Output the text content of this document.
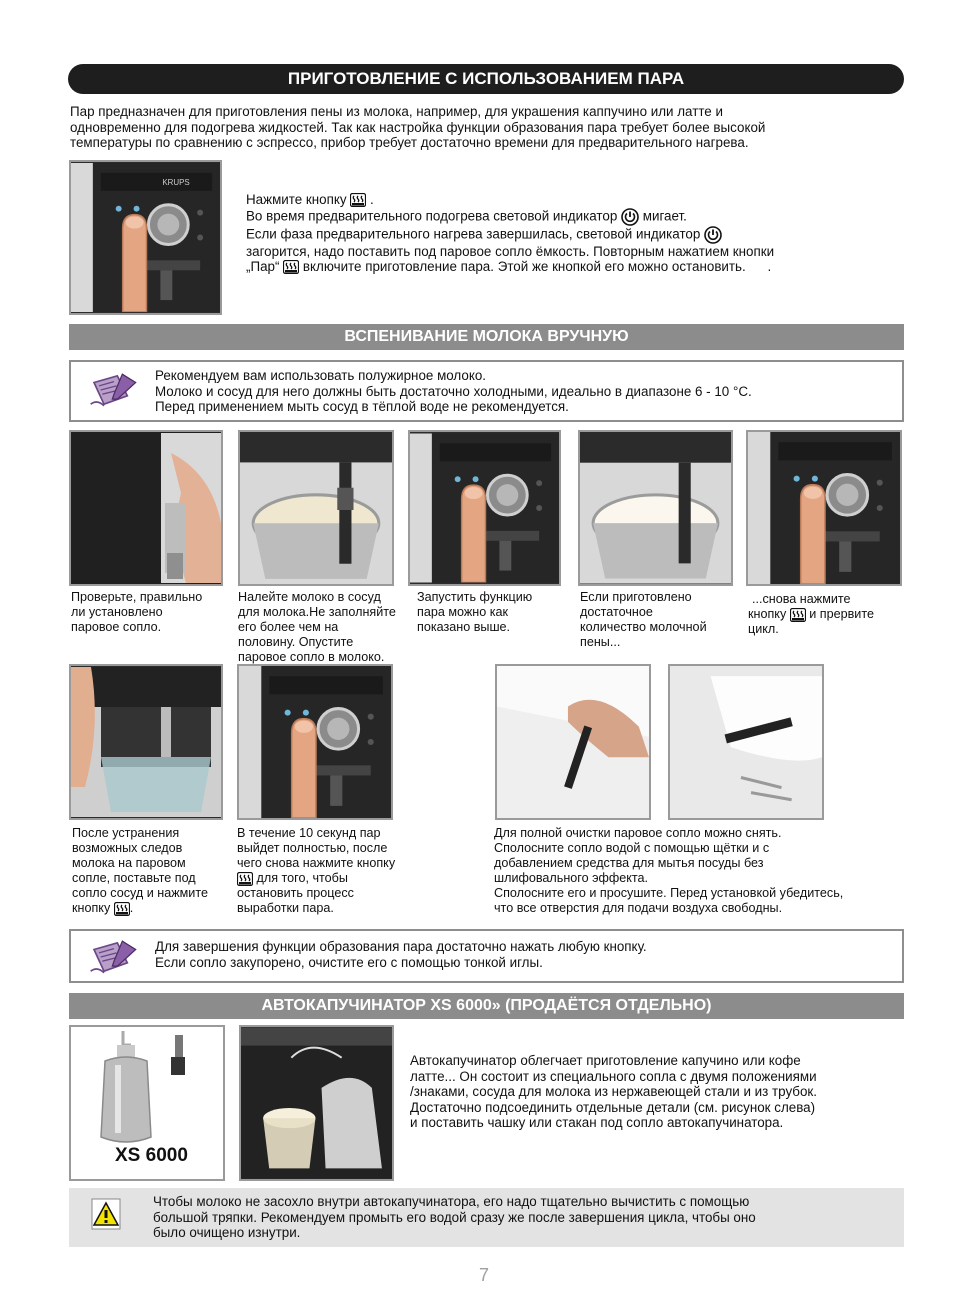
ПРИГОТОВЛЕНИЕ С ИСПОЛЬЗОВАНИЕМ ПАРА
Пар предназначен для приготовления пены из молока, например, для украшения каппучино или латте и
одновременно для подогрева жидкостей. Так как настройка функции образования пара требует более высокой
температуры по сравнению с эспрессо, прибор требует достаточно времени для предварительного нагрева.
KRUPS
Нажмите кнопку .
Во время предварительного подогрева световой индикатор мигает.
Если фаза предварительного нагрева завершилась, световой индикатор
загорится, надо поставить под паровое сопло ёмкость. Повторным нажатием кнопки
„Пар“ включите приготовление пара. Этой же кнопкой его можно остановить. .
ВСПЕНИВАНИЕ МОЛОКА ВРУЧНУЮ
Рекомендуем вам использовать полужирное молоко.
Молоко и сосуд для него должны быть достаточно холодными, идеально в диапазоне 6 - 10 °C.
Перед применением мыть сосуд в тёплой воде не рекомендуется.
Проверьте, правильно
ли установлено
паровое сопло.
Налейте молоко в сосуд
для молока.Не заполняйте
его более чем на
половину. Опустите
паровое сопло в молоко.
Запустить функцию
пара можно как
показано выше.
Если приготовлено
достаточное
количество молочной
пены...
...снова нажмите
кнопку и прервите
цикл.
После устранения
возможных следов
молока на паровом
сопле, поставьте под
сопло сосуд и нажмите
кнопку .
В течение 10 секунд пар
выйдет полностью, после
чего снова нажмите кнопку
для того, чтобы
остановить процесс
выработки пара.
Для полной очистки паровое сопло можно снять.
Сполосните сопло водой с помощью щётки и с
добавлением средства для мытья посуды без
шлифовального эффекта.
Сполосните его и просушите. Перед установкой убедитесь,
что все отверстия для подачи воздуха свободны.
Для завершения функции образования пара достаточно нажать любую кнопку.
Если сопло закупорено, очистите его с помощью тонкой иглы.
АВТОКАПУЧИНАТОР XS 6000» (ПРОДАЁТСЯ ОТДЕЛЬНО)
XS 6000
Автокапучинатор облегчает приготовление капучино или кофе
латте... Он состоит из специального сопла с двумя положениями
/знаками, сосуда для молока из нержавеющей стали и из трубок.
Достаточно подсоединить отдельные детали (см. рисунок слева)
и поставить чашку или стакан под сопло автокапучинатора.
Чтобы молоко не засохло внутри автокапучинатора, его надо тщательно вычистить с помощью
большой тряпки. Рекомендуем промыть его водой сразу же после завершения цикла, чтобы оно
было очищено изнутри.
7
